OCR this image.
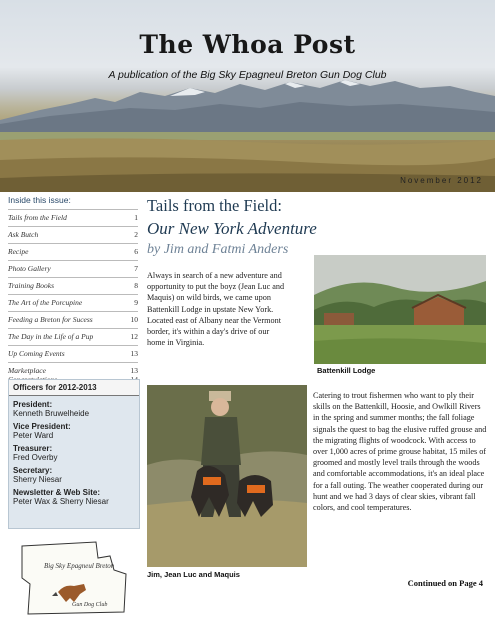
The Whoa Post
A publication of the Big Sky Epagneul Breton Gun Dog Club
November 2012
Inside this issue:
Tails from the Field	1
Ask Butch	2
Recipe	6
Photo Gallery	7
Training Books	8
The Art of the Porcupine	9
Feeding a Breton for Sucess	10
The Day in the Life of a Pup	12
Up Coming Events	13
Marketplace	13
Officers for 2012-2013
President:
Kenneth Bruwelheide
Vice President:
Peter Ward
Treasurer:
Fred Overby
Secretary:
Sherry Niesar
Newsletter & Web Site:
Peter Wax & Sherry Niesar
Big Sky Epagneul Breton
Gun Dog Club
Tails from the Field:
Our New York Adventure
by Jim and Fatmi Anders
Always in search of a new adventure and opportunity to put the boyz (Jean Luc and Maquis) on wild birds, we came upon Battenkill Lodge in upstate New York. Located east of Albany near the Vermont border, it's within a day's drive of our home in Virginia.
Battenkill Lodge
Jim, Jean Luc and Maquis
Catering to trout fishermen who want to ply their skills on the Battenkill, Hoosie, and Owlkill Rivers in the spring and summer months; the fall foliage signals the quest to bag the elusive ruffed grouse and the migrating flights of woodcock. With access to over 1,000 acres of prime grouse habitat, 15 miles of groomed and mostly level trails through the woods and comfortable accommodations, it's an ideal place for a fall outing. The weather cooperated during our hunt and we had 3 days of clear skies, vibrant fall colors, and cool temperatures.
Continued on Page 4
